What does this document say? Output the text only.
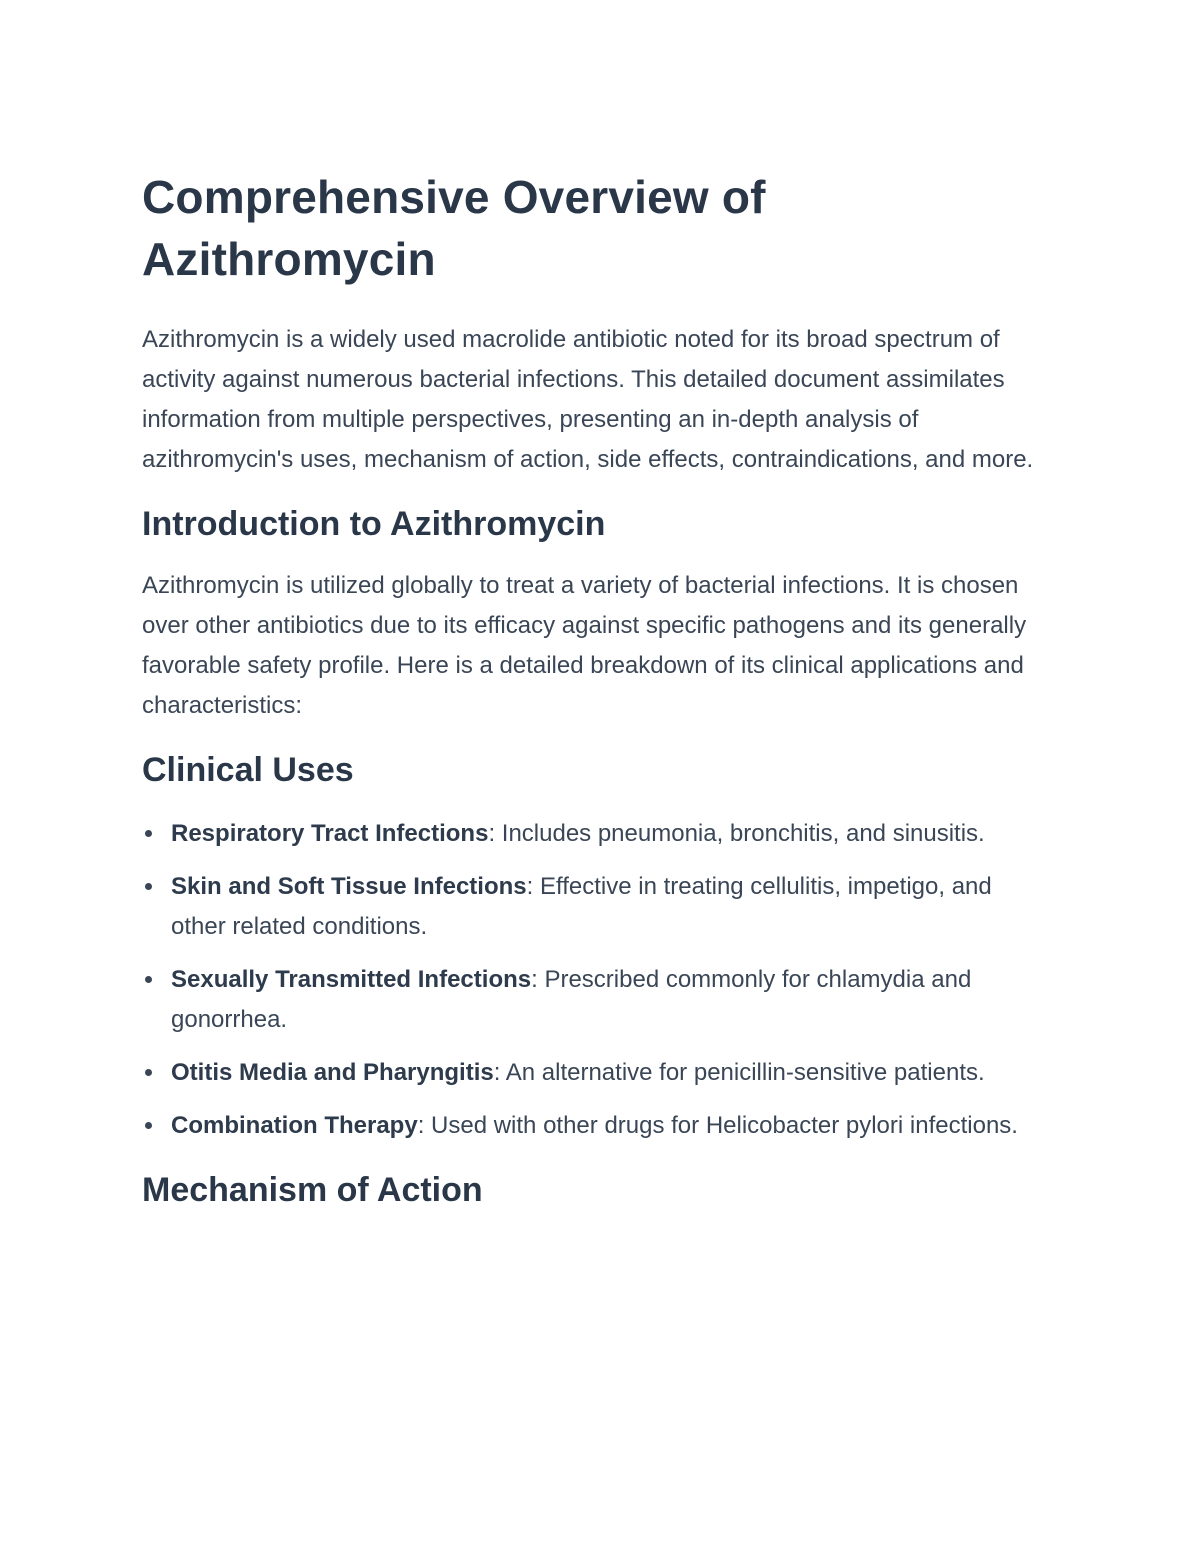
Comprehensive Overview of Azithromycin

Azithromycin is a widely used macrolide antibiotic noted for its broad spectrum of activity against numerous bacterial infections. This detailed document assimilates information from multiple perspectives, presenting an in-depth analysis of azithromycin's uses, mechanism of action, side effects, contraindications, and more.

Introduction to Azithromycin

Azithromycin is utilized globally to treat a variety of bacterial infections. It is chosen over other antibiotics due to its efficacy against specific pathogens and its generally favorable safety profile. Here is a detailed breakdown of its clinical applications and characteristics:

Clinical Uses
Respiratory Tract Infections: Includes pneumonia, bronchitis, and sinusitis.
Skin and Soft Tissue Infections: Effective in treating cellulitis, impetigo, and other related conditions.
Sexually Transmitted Infections: Prescribed commonly for chlamydia and gonorrhea.
Otitis Media and Pharyngitis: An alternative for penicillin-sensitive patients.
Combination Therapy: Used with other drugs for Helicobacter pylori infections.
Mechanism of Action
